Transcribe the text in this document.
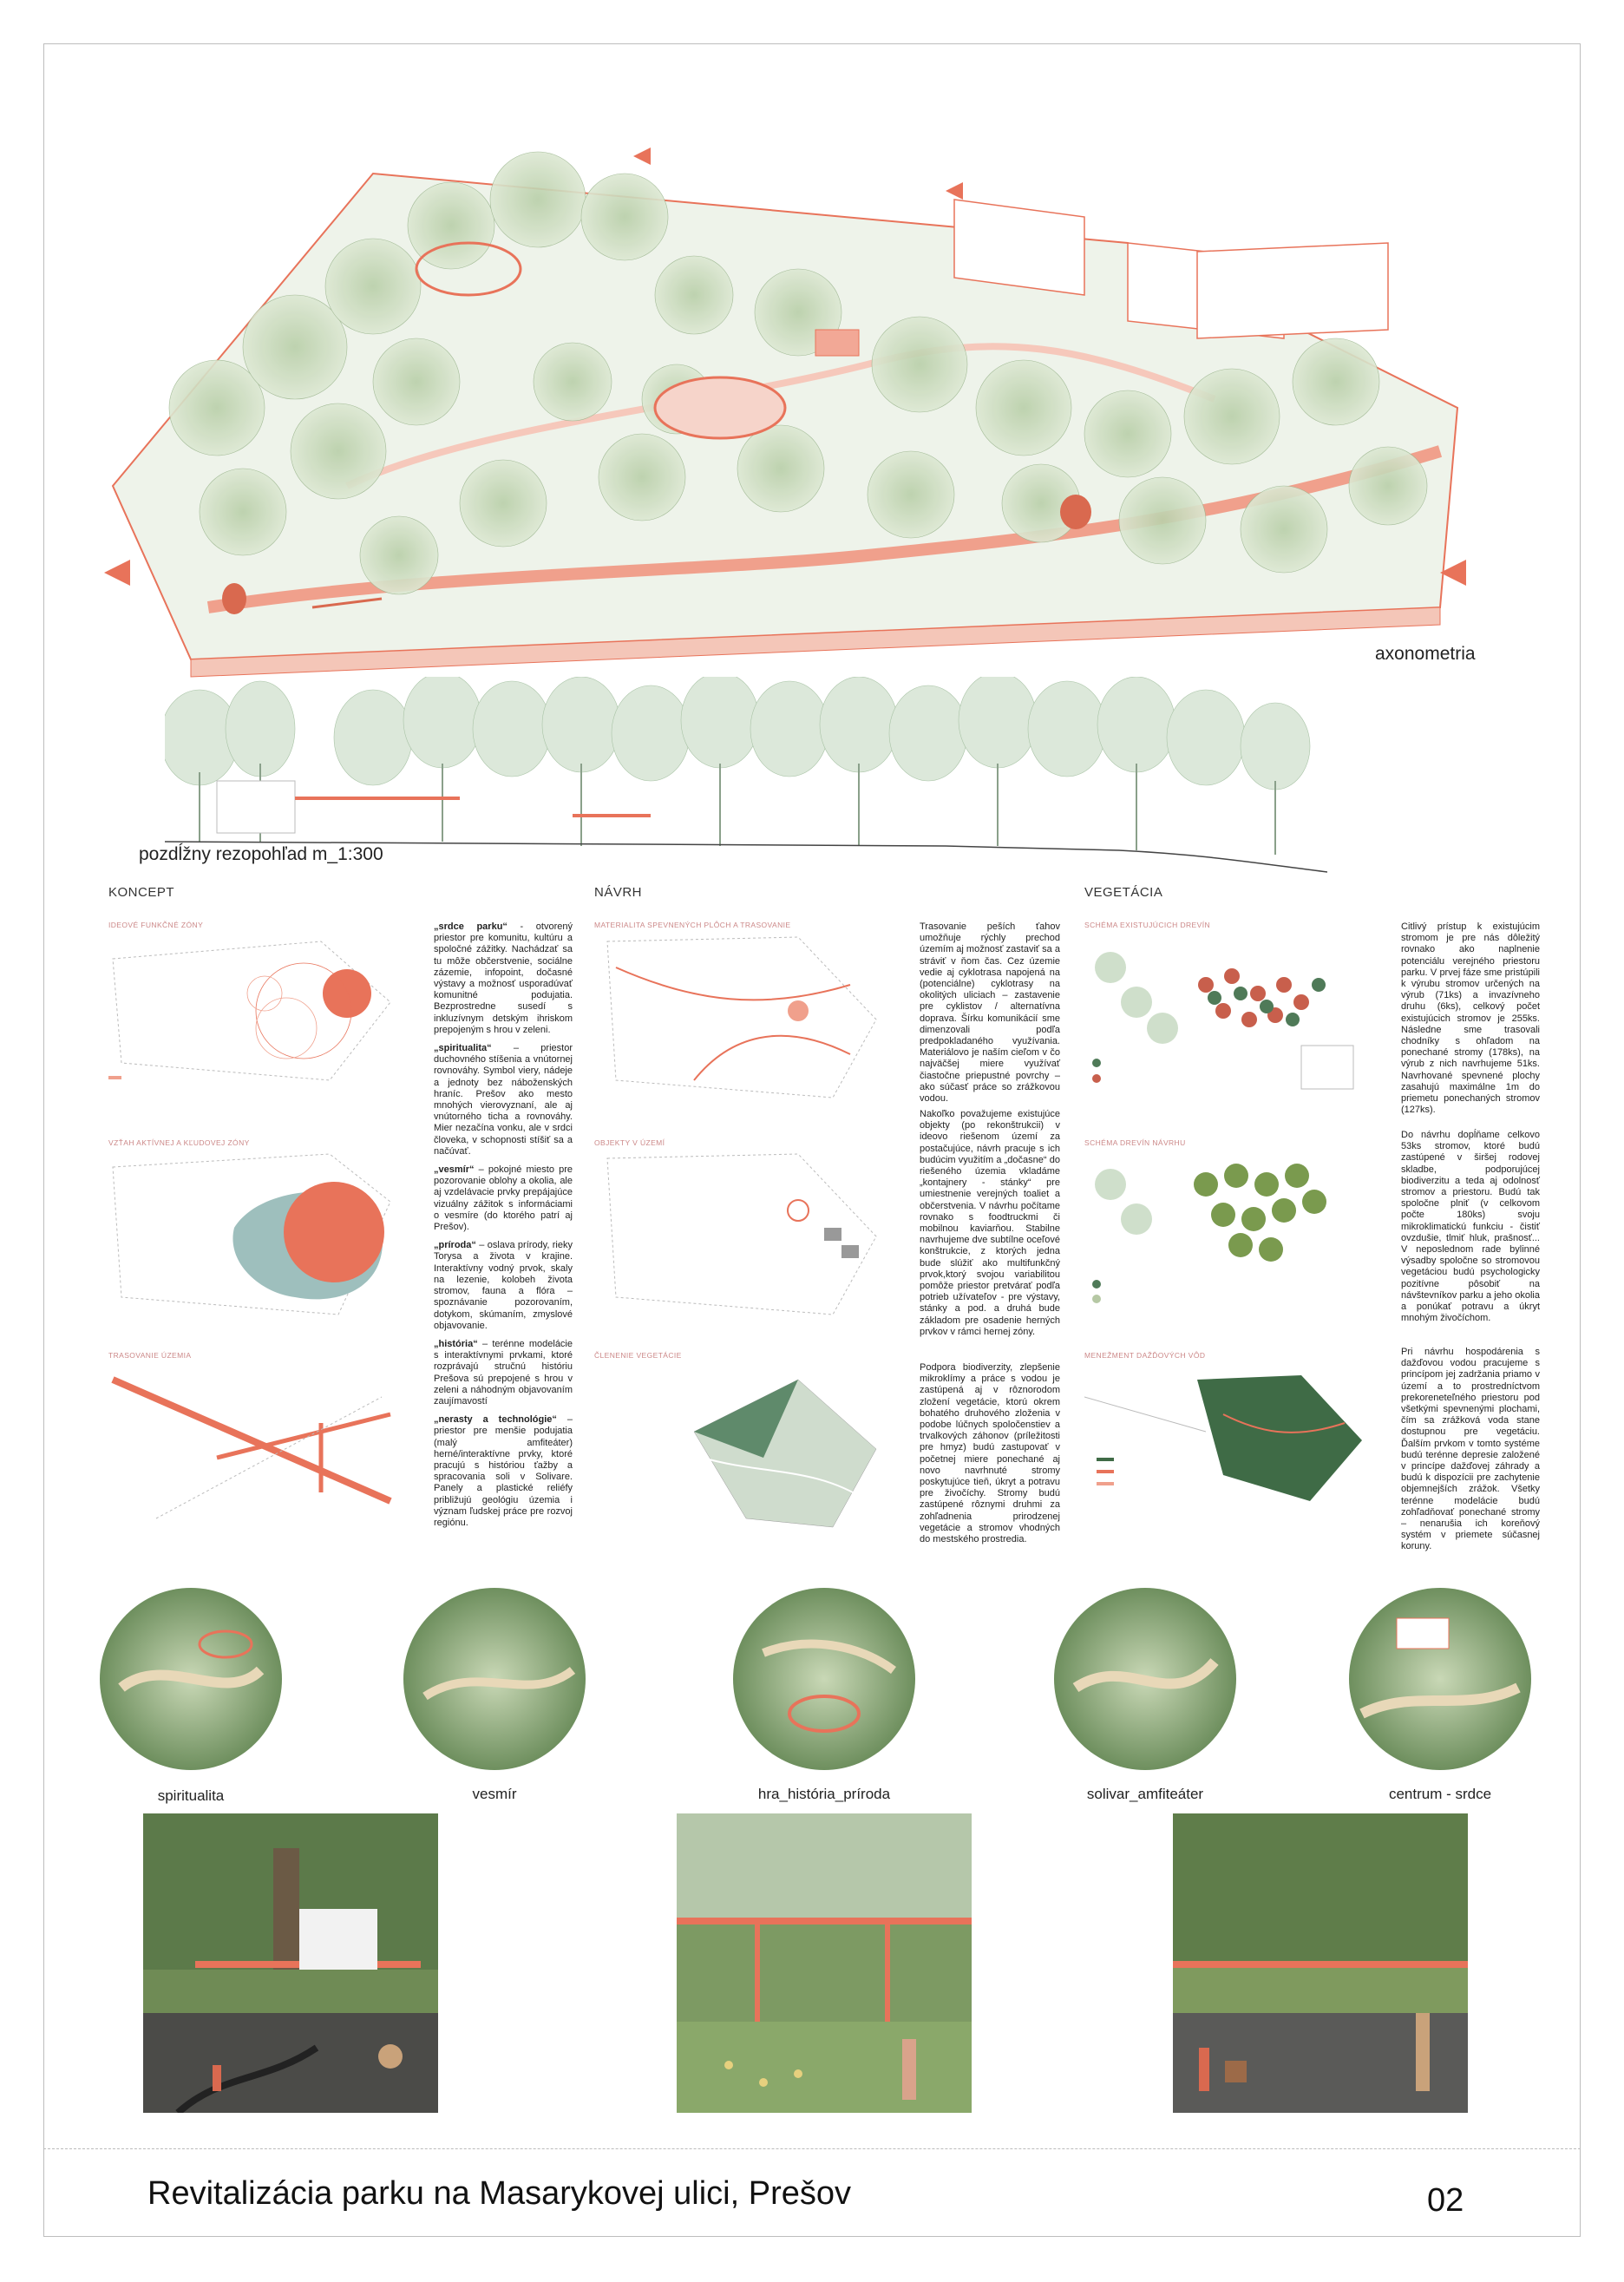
axonometria
pozdĺžny rezopohľad m_1:300
KONCEPT
IDEOVÉ FUNKČNÉ ZÓNY
VZŤAH AKTÍVNEJ A KĽUDOVEJ ZÓNY
TRASOVANIE ÚZEMIA

„srdce parku“ - otvorený priestor pre komunitu, kultúru a spoločné zážitky. Nachádzať sa tu môže občerstvenie, sociálne zázemie, infopoint, dočasné výstavy a možnosť usporadúvať komunitné podujatia. Bezprostredne susedí s inkluzívnym detským ihriskom prepojeným s hrou v zeleni.

„spiritualita“ – priestor duchovného stíšenia a vnútornej rovnováhy. Symbol viery, nádeje a jednoty bez náboženských hraníc. Prešov ako mesto mnohých vierovyznaní, ale aj vnútorného ticha a rovnováhy. Mier nezačína vonku, ale v srdci človeka, v schopnosti stíšiť sa a načúvať.

„vesmír“ – pokojné miesto pre pozorovanie oblohy a okolia, ale aj vzdelávacie prvky prepájajúce vizuálny zážitok s informáciami o vesmíre (do ktorého patrí aj Prešov).

„príroda“ – oslava prírody, rieky Torysa a života v krajine. Interaktívny vodný prvok, skaly na lezenie, kolobeh života stromov, fauna a flóra – spoznávanie pozorovaním, dotykom, skúmaním, zmyslové objavovanie.

„história“ – terénne modelácie s interaktívnymi prvkami, ktoré rozprávajú stručnú históriu Prešova sú prepojené s hrou v zeleni a náhodným objavovaním zaujímavostí

„nerasty a technológie“ – priestor pre menšie podujatia (malý amfiteáter) herné/interaktívne prvky, ktoré pracujú s históriou ťažby a spracovania soli v Solivare. Panely a plastické reliéfy približujú geológiu územia i význam ľudskej práce pre rozvoj regiónu.

NÁVRH
MATERIALITA SPEVNENÝCH PLÔCH A TRASOVANIE
OBJEKTY V ÚZEMÍ
ČLENENIE VEGETÁCIE
Trasovanie peších ťahov umožňuje rýchly prechod územím aj možnosť zastaviť sa a stráviť v ňom čas. Cez územie vedie aj cyklotrasa napojená na (potenciálne) cyklotrasy na okolitých uliciach – zastavenie pre cyklistov / alternatívna doprava. Šírku komunikácií sme dimenzovali podľa predpokladaného využívania. Materiálovo je naším cieľom v čo najväčšej miere využívať čiastočne priepustné povrchy – ako súčasť práce so zrážkovou vodou.
Nakoľko považujeme existujúce objekty (po rekonštrukcii) v ideovo riešenom území za postačujúce, návrh pracuje s ich budúcim využitím a „dočasne“ do riešeného územia vkladáme „kontajnery - stánky“ pre umiestnenie verejných toaliet a občerstvenia. V návrhu počítame rovnako s foodtruckmi či mobilnou kaviarňou. Stabilne navrhujeme dve subtílne oceľové konštrukcie, z ktorých jedna bude slúžiť ako multifunkčný prvok,ktorý svojou variabilitou pomôže priestor pretvárať podľa potrieb užívateľov - pre výstavy, stánky a pod. a druhá bude základom pre osadenie herných prvkov v rámci hernej zóny.
Podpora biodiverzity, zlepšenie mikroklímy a práce s vodou je zastúpená aj v rôznorodom zložení vegetácie, ktorú okrem bohatého druhového zloženia v podobe lúčnych spoločenstiev a trvalkových záhonov (príležitosti pre hmyz) budú zastupovať v početnej miere ponechané aj novo navrhnuté stromy poskytujúce tieň, úkryt a potravu pre živočíchy. Stromy budú zastúpené rôznymi druhmi za zohľadnenia prirodzenej vegetácie a stromov vhodných do mestského prostredia.
VEGETÁCIA
SCHÉMA EXISTUJÚCICH DREVÍN
SCHÉMA DREVÍN NÁVRHU
MENEŽMENT DAŽĎOVÝCH VÔD
Citlivý prístup k existujúcim stromom je pre nás dôležitý rovnako ako naplnenie potenciálu verejného priestoru parku. V prvej fáze sme pristúpili k výrubu stromov určených na výrub (71ks) a invazívneho druhu (6ks), celkový počet existujúcich stromov je 255ks. Následne sme trasovali chodníky s ohľadom na ponechané stromy (178ks), na výrub z nich navrhujeme 51ks. Navrhované spevnené plochy zasahujú maximálne 1m do priemetu ponechaných stromov (127ks).
Do návrhu dopĺňame celkovo 53ks stromov, ktoré budú zastúpené v širšej rodovej skladbe, podporujúcej biodiverzitu a teda aj odolnosť stromov a priestoru. Budú tak spoločne plniť (v celkovom počte 180ks) svoju mikroklimatickú funkciu - čistiť ovzdušie, tlmiť hluk, prašnosť... V neposlednom rade bylinné výsadby spoločne so stromovou vegetáciou budú psychologicky pozitívne pôsobiť na návštevníkov parku a jeho okolia a ponúkať potravu a úkryt mnohým živočíchom.
Pri návrhu hospodárenia s dažďovou vodou pracujeme s princípom jej zadržania priamo v území a to prostredníctvom prekoreneteľného priestoru pod všetkými spevnenými plochami, čím sa zrážková voda stane dostupnou pre vegetáciu. Ďalším prvkom v tomto systéme budú terénne depresie založené v princípe dažďovej záhrady a budú k dispozícii pre zachytenie objemnejších zrážok. Všetky terénne modelácie budú zohľadňovať ponechané stromy – nenarušia ich koreňový systém v priemete súčasnej koruny.
spiritualita	vesmír	hra_história_príroda	solivar_amfiteáter	centrum - srdce
Revitalizácia parku na Masarykovej ulici, Prešov	02
